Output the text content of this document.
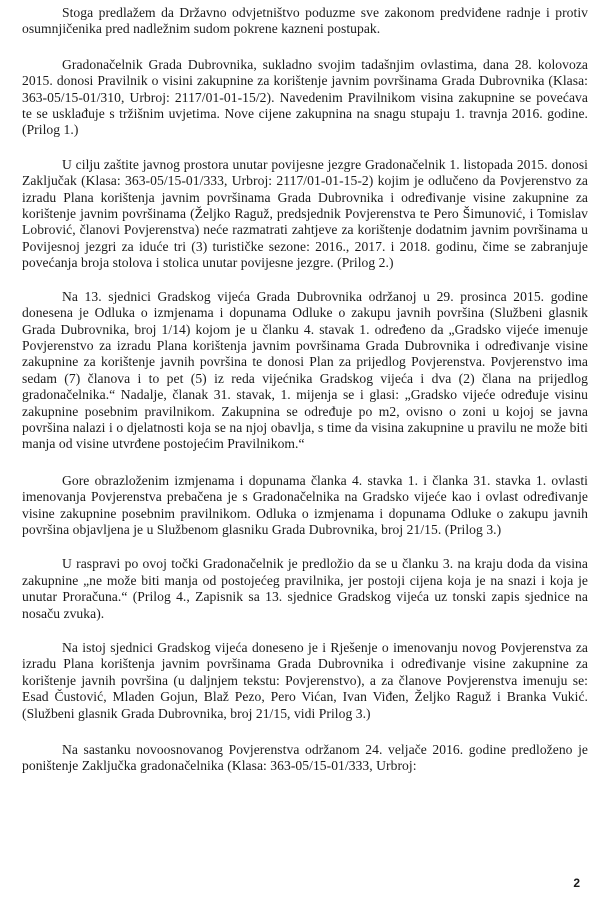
Stoga predlažem da Državno odvjetništvo poduzme sve zakonom predviđene radnje i protiv osumnjičenika pred nadležnim sudom pokrene kazneni postupak.

Gradonačelnik Grada Dubrovnika, sukladno svojim tadašnjim ovlastima, dana 28. kolovoza 2015. donosi Pravilnik o visini zakupnine za korištenje javnim površinama Grada Dubrovnika (Klasa: 363-05/15-01/310, Urbroj: 2117/01-01-15/2). Navedenim Pravilnikom visina zakupnine se povećava te se usklađuje s tržišnim uvjetima. Nove cijene zakupnina na snagu stupaju 1. travnja 2016. godine. (Prilog 1.)

U cilju zaštite javnog prostora unutar povijesne jezgre Gradonačelnik 1. listopada 2015. donosi Zaključak (Klasa: 363-05/15-01/333, Urbroj: 2117/01-01-15-2) kojim je odlučeno da Povjerenstvo za izradu Plana korištenja javnim površinama Grada Dubrovnika i određivanje visine zakupnine za korištenje javnim površinama (Željko Raguž, predsjednik Povjerenstva te Pero Šimunović, i Tomislav Lobrović, članovi Povjerenstva) neće razmatrati zahtjeve za korištenje dodatnim javnim površinama u Povijesnoj jezgri za iduće tri (3) turističke sezone: 2016., 2017. i 2018. godinu, čime se zabranjuje povećanja broja stolova i stolica unutar povijesne jezgre. (Prilog 2.)

Na 13. sjednici Gradskog vijeća Grada Dubrovnika održanoj u 29. prosinca 2015. godine donesena je Odluka o izmjenama i dopunama Odluke o zakupu javnih površina (Službeni glasnik Grada Dubrovnika, broj 1/14) kojom je u članku 4. stavak 1. određeno da „Gradsko vijeće imenuje Povjerenstvo za izradu Plana korištenja javnim površinama Grada Dubrovnika i određivanje visine zakupnine za korištenje javnih površina te donosi Plan za prijedlog Povjerenstva. Povjerenstvo ima sedam (7) članova i to pet (5) iz reda vijećnika Gradskog vijeća i dva (2) člana na prijedlog gradonačelnika.“ Nadalje, članak 31. stavak, 1. mijenja se i glasi: „Gradsko vijeće određuje visinu zakupnine posebnim pravilnikom. Zakupnina se određuje po m2, ovisno o zoni u kojoj se javna površina nalazi i o djelatnosti koja se na njoj obavlja, s time da visina zakupnine u pravilu ne može biti manja od visine utvrđene postojećim Pravilnikom.“

Gore obrazloženim izmjenama i dopunama članka 4. stavka 1. i članka 31. stavka 1. ovlasti imenovanja Povjerenstva prebačena je s Gradonačelnika na Gradsko vijeće kao i ovlast određivanje visine zakupnine posebnim pravilnikom. Odluka o izmjenama i dopunama Odluke o zakupu javnih površina objavljena je u Službenom glasniku Grada Dubrovnika, broj 21/15. (Prilog 3.)

U raspravi po ovoj točki Gradonačelnik je predložio da se u članku 3. na kraju doda da visina zakupnine „ne može biti manja od postojećeg pravilnika, jer postoji cijena koja je na snazi i koja je unutar Proračuna.“ (Prilog 4., Zapisnik sa 13. sjednice Gradskog vijeća uz tonski zapis sjednice na nosaču zvuka).

Na istoj sjednici Gradskog vijeća doneseno je i Rješenje o imenovanju novog Povjerenstva za izradu Plana korištenja javnim površinama Grada Dubrovnika i određivanje visine zakupnine za korištenje javnih površina (u daljnjem tekstu: Povjerenstvo), a za članove Povjerenstva imenuju se: Esad Čustović, Mladen Gojun, Blaž Pezo, Pero Vićan, Ivan Viđen, Željko Raguž i Branka Vukić. (Službeni glasnik Grada Dubrovnika, broj 21/15, vidi Prilog 3.)

Na sastanku novoosnovanog Povjerenstva održanom 24. veljače 2016. godine predloženo je poništenje Zaključka gradonačelnika (Klasa: 363-05/15-01/333, Urbroj:

2
